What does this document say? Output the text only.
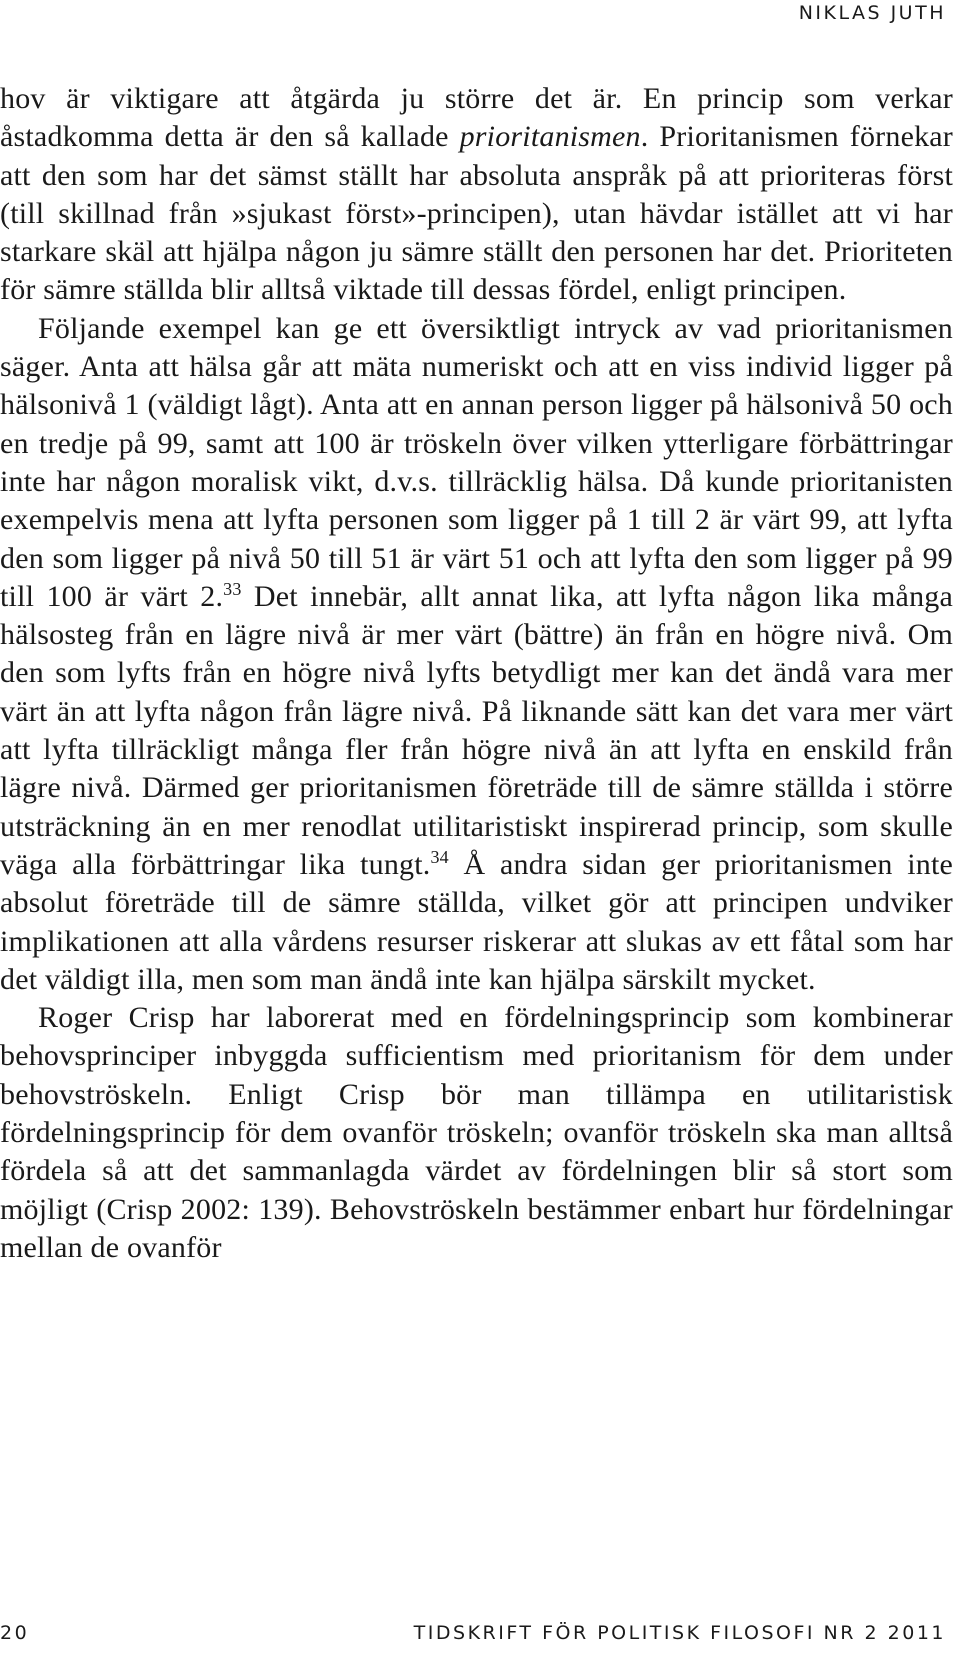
NIKLAS JUTH

hov är viktigare att åtgärda ju större det är. En princip som verkar åstadkomma detta är den så kallade prioritanismen. Prioritanismen förnekar att den som har det sämst ställt har absoluta anspråk på att prioriteras först (till skillnad från »sjukast först»-principen), utan hävdar istället att vi har starkare skäl att hjälpa någon ju sämre ställt den personen har det. Prioriteten för sämre ställda blir alltså viktade till dessas fördel, enligt principen.

Följande exempel kan ge ett översiktligt intryck av vad prioritanismen säger. Anta att hälsa går att mäta numeriskt och att en viss individ ligger på hälsonivå 1 (väldigt lågt). Anta att en annan person ligger på hälsonivå 50 och en tredje på 99, samt att 100 är tröskeln över vilken ytterligare förbättringar inte har någon moralisk vikt, d.v.s. tillräcklig hälsa. Då kunde prioritanisten exempelvis mena att lyfta personen som ligger på 1 till 2 är värt 99, att lyfta den som ligger på nivå 50 till 51 är värt 51 och att lyfta den som ligger på 99 till 100 är värt 2.33 Det innebär, allt annat lika, att lyfta någon lika många hälsosteg från en lägre nivå är mer värt (bättre) än från en högre nivå. Om den som lyfts från en högre nivå lyfts betydligt mer kan det ändå vara mer värt än att lyfta någon från lägre nivå. På liknande sätt kan det vara mer värt att lyfta tillräckligt många fler från högre nivå än att lyfta en enskild från lägre nivå. Därmed ger prioritanismen företräde till de sämre ställda i större utsträckning än en mer renodlat utilitaristiskt inspirerad princip, som skulle väga alla förbättringar lika tungt.$^{34}$ Å andra sidan ger prioritanismen inte absolut företräde till de sämre ställda, vilket gör att principen undviker implikationen att alla vårdens resurser riskerar att slukas av ett fåtal som har det väldigt illa, men som man ändå inte kan hjälpa särskilt mycket.

Roger Crisp har laborerat med en fördelningsprincip som kombinerar behovsprinciper inbyggda sufficientism med prioritanism för dem under behovströskeln. Enligt Crisp bör man tillämpa en utilitaristisk fördelningsprincip för dem ovanför tröskeln; ovanför tröskeln ska man alltså fördela så att det sammanlagda värdet av fördelningen blir så stort som möjligt (Crisp 2002: 139). Behovströskeln bestämmer enbart hur fördelningar mellan de ovanför

20	TIDSKRIFT FÖR POLITISK FILOSOFI NR 2 2011
